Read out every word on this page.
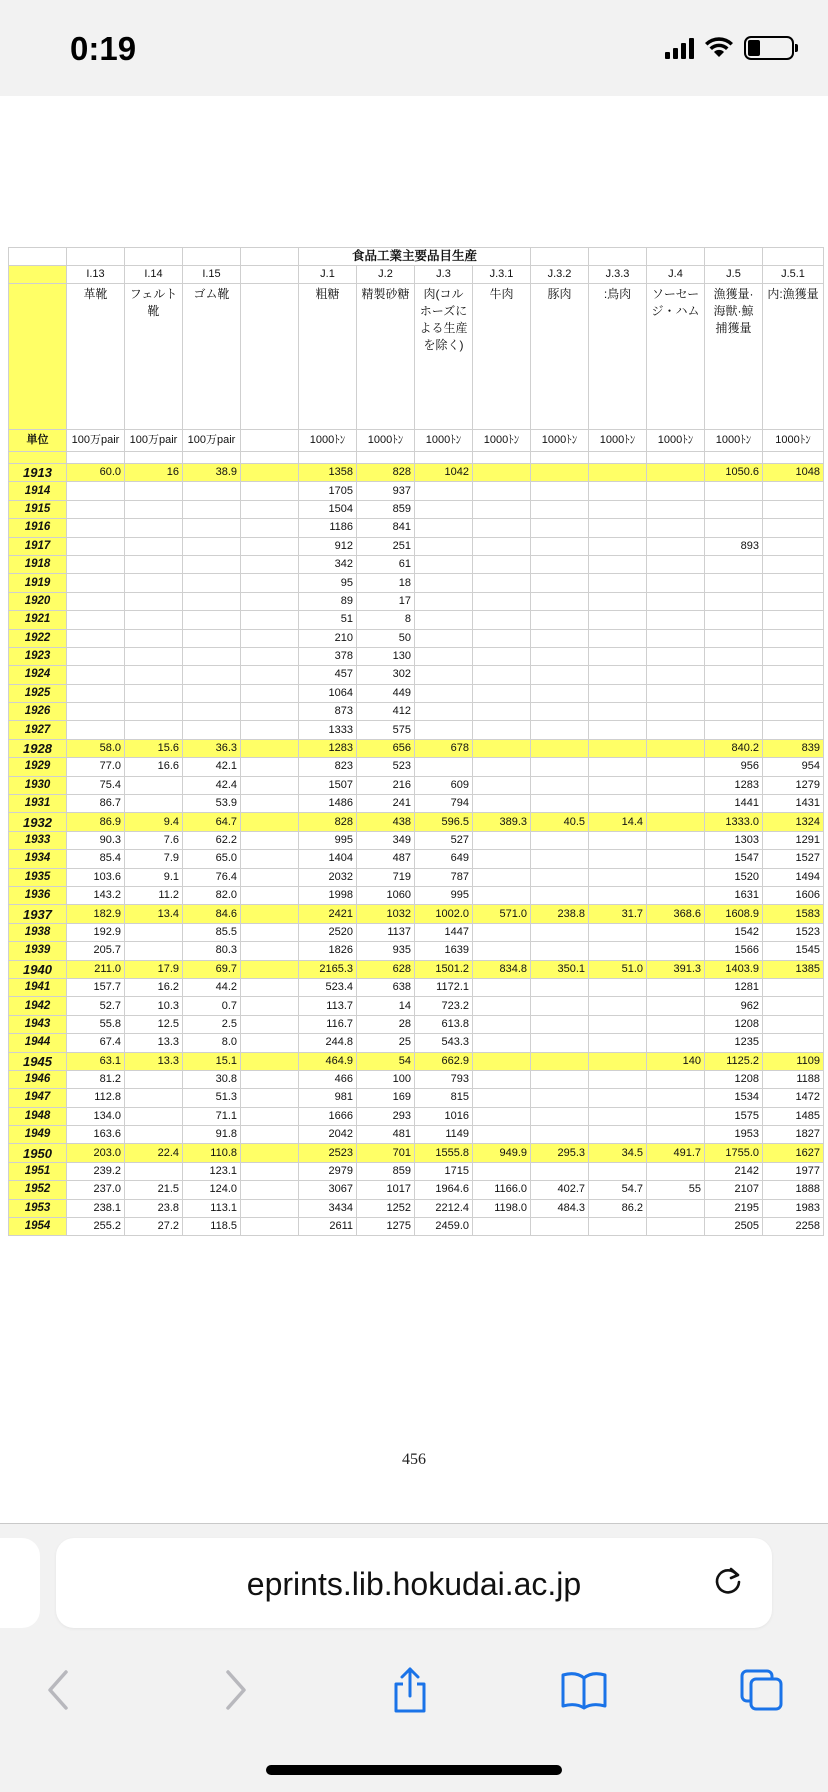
0:19
					食品工業主要品目生産								
	I.13	I.14	I.15		J.1	J.2	J.3	J.3.1	J.3.2	J.3.3	J.4	J.5	J.5.1
	革靴	フェルト靴	ゴム靴		粗糖	精製砂糖	肉(コルホーズによる生産を除く)	牛肉	豚肉	:鳥肉	ソーセージ・ハム	漁獲量·海獣·鯨捕獲量	内:漁獲量
単位	100万pair	100万pair	100万pair		1000ﾄﾝ	1000ﾄﾝ	1000ﾄﾝ	1000ﾄﾝ	1000ﾄﾝ	1000ﾄﾝ	1000ﾄﾝ	1000ﾄﾝ	1000ﾄﾝ

1913	60.0	16	38.9		1358	828	1042					1050.6	1048
1914					1705	937							
1915					1504	859							
1916					1186	841							
1917					912	251						893	
1918					342	61							
1919					95	18							
1920					89	17							
1921					51	8							
1922					210	50							
1923					378	130							
1924					457	302							
1925					1064	449							
1926					873	412							
1927					1333	575							
1928	58.0	15.6	36.3		1283	656	678					840.2	839
1929	77.0	16.6	42.1		823	523						956	954
1930	75.4		42.4		1507	216	609					1283	1279
1931	86.7		53.9		1486	241	794					1441	1431
1932	86.9	9.4	64.7		828	438	596.5	389.3	40.5	14.4		1333.0	1324
1933	90.3	7.6	62.2		995	349	527					1303	1291
1934	85.4	7.9	65.0		1404	487	649					1547	1527
1935	103.6	9.1	76.4		2032	719	787					1520	1494
1936	143.2	11.2	82.0		1998	1060	995					1631	1606
1937	182.9	13.4	84.6		2421	1032	1002.0	571.0	238.8	31.7	368.6	1608.9	1583
1938	192.9		85.5		2520	1137	1447					1542	1523
1939	205.7		80.3		1826	935	1639					1566	1545
1940	211.0	17.9	69.7		2165.3	628	1501.2	834.8	350.1	51.0	391.3	1403.9	1385
1941	157.7	16.2	44.2		523.4	638	1172.1					1281	
1942	52.7	10.3	0.7		113.7	14	723.2					962	
1943	55.8	12.5	2.5		116.7	28	613.8					1208	
1944	67.4	13.3	8.0		244.8	25	543.3					1235	
1945	63.1	13.3	15.1		464.9	54	662.9				140	1125.2	1109
1946	81.2		30.8		466	100	793					1208	1188
1947	112.8		51.3		981	169	815					1534	1472
1948	134.0		71.1		1666	293	1016					1575	1485
1949	163.6		91.8		2042	481	1149					1953	1827
1950	203.0	22.4	110.8		2523	701	1555.8	949.9	295.3	34.5	491.7	1755.0	1627
1951	239.2		123.1		2979	859	1715					2142	1977
1952	237.0	21.5	124.0		3067	1017	1964.6	1166.0	402.7	54.7	55	2107	1888
1953	238.1	23.8	113.1		3434	1252	2212.4	1198.0	484.3	86.2		2195	1983
1954	255.2	27.2	118.5		2611	1275	2459.0					2505	2258
456
eprints.lib.hokudai.ac.jp
